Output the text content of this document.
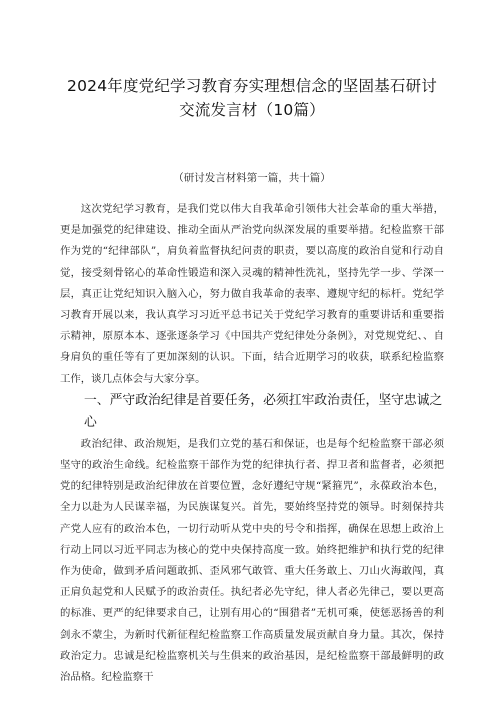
2024年度党纪学习教育夯实理想信念的坚固基石研讨
交流发言材（10篇）
（研讨发言材料第一篇，共十篇）

这次党纪学习教育，是我们党以伟大自我革命引领伟大社会革命的重大举措，更是加强党的纪律建设、推动全面从严治党向纵深发展的重要举措。纪检监察干部作为党的“纪律部队”，肩负着监督执纪问责的职责，要以高度的政治自觉和行动自觉，接受刻骨铭心的革命性锻造和深入灵魂的精神性洗礼，坚持先学一步、学深一层，真正让党纪知识入脑入心，努力做自我革命的表率、遵规守纪的标杆。党纪学习教育开展以来，我认真学习习近平总书记关于党纪学习教育的重要讲话和重要指示精神，原原本本、逐张逐条学习《中国共产党纪律处分条例》，对党规党纪、、自身肩负的重任等有了更加深刻的认识。下面，结合近期学习的收获，联系纪检监察工作，谈几点体会与大家分享。

一、严守政治纪律是首要任务，必须扛牢政治责任，坚守忠诚之心

政治纪律、政治规矩，是我们立党的基石和保证，也是每个纪检监察干部必须坚守的政治生命线。纪检监察干部作为党的纪律执行者、捍卫者和监督者，必须把党的纪律特别是政治纪律放在首要位置，念好遵纪守规“紧箍咒”，永葆政治本色，全力以赴为人民谋幸福，为民族谋复兴。首先，要始终坚持党的领导。时刻保持共产党人应有的政治本色，一切行动听从党中央的号令和指挥，确保在思想上政治上行动上同以习近平同志为核心的党中央保持高度一致。始终把维护和执行党的纪律作为使命，做到矛盾问题敢抓、歪风邪气敢管、重大任务敢上、刀山火海敢闯，真正肩负起党和人民赋予的政治责任。执纪者必先守纪，律人者必先律己，要以更高的标准、更严的纪律要求自己，让别有用心的“围猎者”无机可乘，使惩恶扬善的利剑永不蒙尘，为新时代新征程纪检监察工作高质量发展贡献自身力量。其次，保持政治定力。忠诚是纪检监察机关与生俱来的政治基因，是纪检监察干部最鲜明的政治品格。纪检监察干
